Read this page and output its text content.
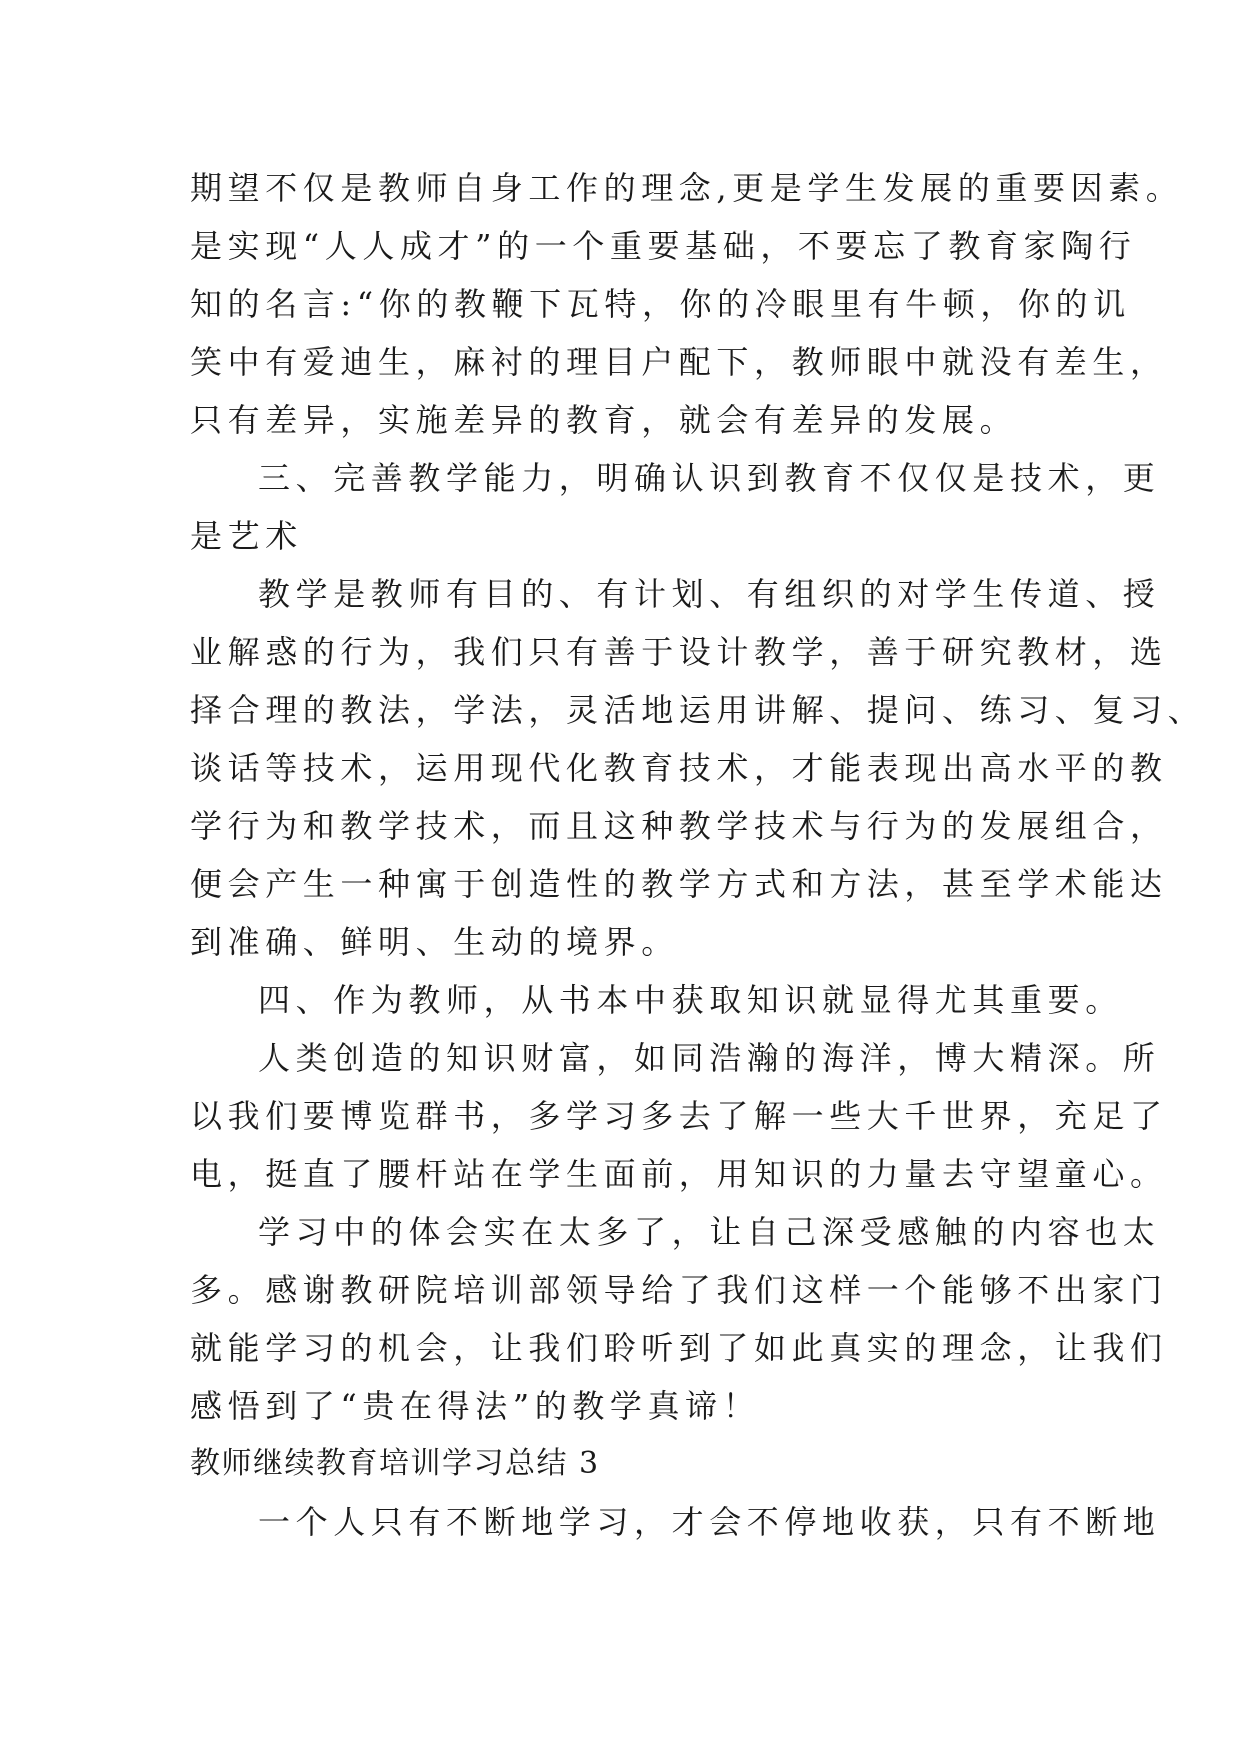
期望不仅是教师自身工作的理念,更是学生发展的重要因素。
是实现“人人成才”的一个重要基础，不要忘了教育家陶行
知的名言:“你的教鞭下瓦特，你的冷眼里有牛顿，你的讥
笑中有爱迪生，麻衬的理目户配下，教师眼中就没有差生，
只有差异，实施差异的教育，就会有差异的发展。
三、完善教学能力，明确认识到教育不仅仅是技术，更
是艺术
教学是教师有目的、有计划、有组织的对学生传道、授
业解惑的行为，我们只有善于设计教学，善于研究教材，选
择合理的教法，学法，灵活地运用讲解、提问、练习、复习、
谈话等技术，运用现代化教育技术，才能表现出高水平的教
学行为和教学技术，而且这种教学技术与行为的发展组合，
便会产生一种寓于创造性的教学方式和方法，甚至学术能达
到准确、鲜明、生动的境界。
四、作为教师，从书本中获取知识就显得尤其重要。
人类创造的知识财富，如同浩瀚的海洋，博大精深。所
以我们要博览群书，多学习多去了解一些大千世界，充足了
电，挺直了腰杆站在学生面前，用知识的力量去守望童心。
学习中的体会实在太多了，让自己深受感触的内容也太
多。感谢教研院培训部领导给了我们这样一个能够不出家门
就能学习的机会，让我们聆听到了如此真实的理念，让我们
感悟到了“贵在得法”的教学真谛！
教师继续教育培训学习总结 3
一个人只有不断地学习，才会不停地收获，只有不断地
